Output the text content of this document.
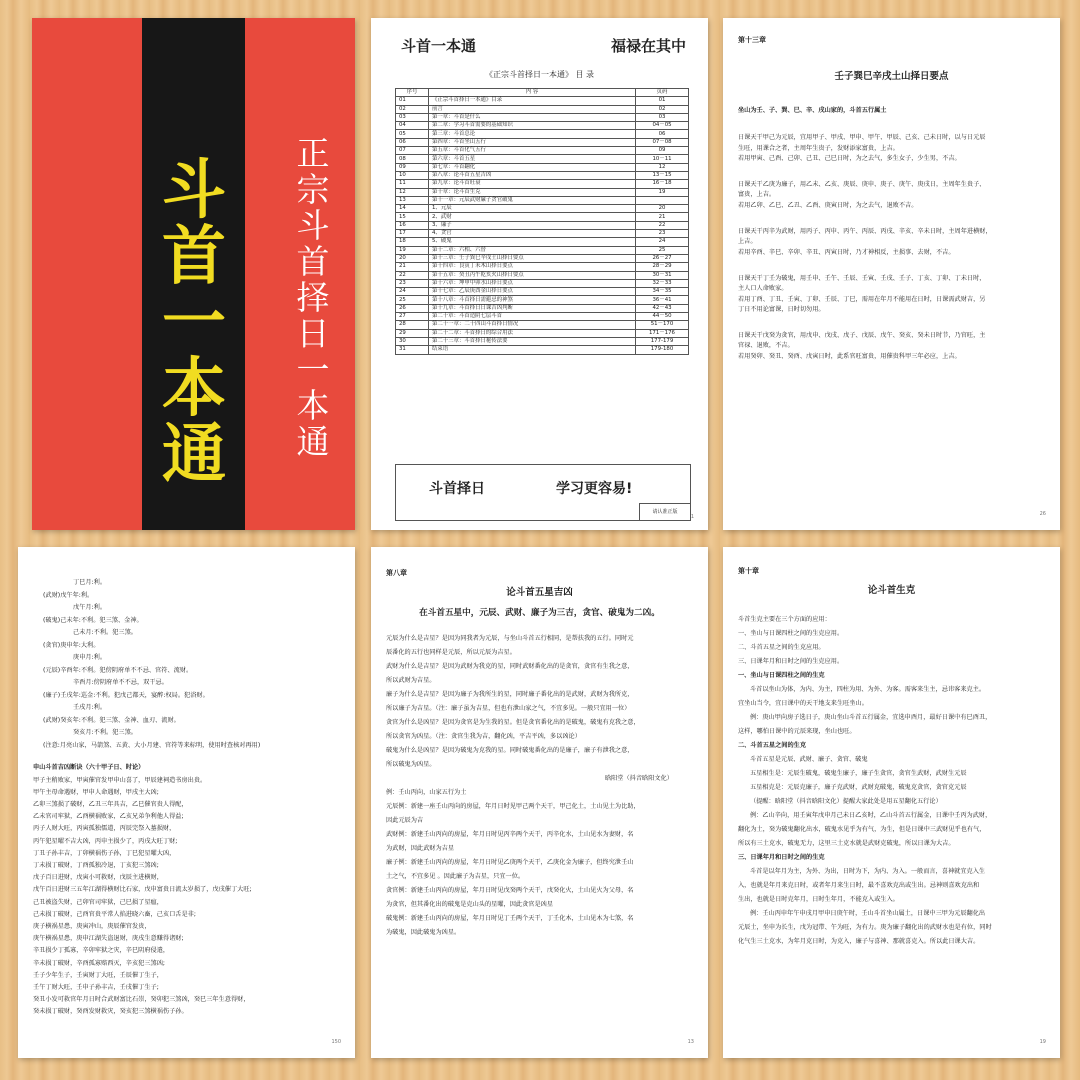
斗首一本通
正宗斗首择日一本通
斗首一本通	福禄在其中
《正宗斗首择日一本通》 目 录
序号	内 容	页码
01	《正宗斗首择日一本通》目录	01
02	前言	02
03	第一章：斗首是什么	03
04	第二章：学习斗首需要的基础知识	04－05
05	第三章：斗首总论	06
06	第四章：斗首坐山五行	07－08
07	第五章：斗首化气五行	09
08	第六章：斗首五星	10－11
09	第七章：斗首翻化	12
10	第八章：论斗首五星吉凶	13－15
11	第九章：论斗首旺衰	16－18
12	第十章：论斗首生克	19
13	第十一章：元辰武财廉子贪官破鬼	
14	1、元辰	20
15	2、武财	21
16	3、廉子	22
17	4、贪官	23
18	5、破鬼	24
19	第十二章：六相、六替	25
20	第十三章：壬子巽巳辛戌土山择日要点	26－27
21	第十四章：艮寅丁未木山择日要点	28－29
22	第十五章：癸丑丙午乾亥火山择日要点	30－31
23	第十六章：坤申甲卯水山择日要点	32－33
24	第十七章：乙辰庚酉金山择日要点	34－35
25	第十八章：斗首择日需避忌的神煞	36－41
26	第十九章：斗首择日日课吉凶判断	42－43
27	第二十章：斗首造阴七层斗首	44－50
28	第二十一章：二十四山斗首择日情况	51－170
29	第二十二章：斗首择日的综合用法	171－176
30	第二十三章：斗首择日秘传法要	177-179
31	结束语	179-180
斗首择日	学习更容易!
请认准正版
1
第十三章
壬子巽巳辛戌土山择日要点

坐山为壬、子、巽、巳、辛、戌山家的，斗首五行属土

日课天干甲己为元辰，宜用甲子、甲戌、甲申、甲午、甲辰、己亥、己未日时，以与日元辰

生旺，用课合之者，主周年生贵子，发财添家富贵，上吉。

若用甲寅、己酉、己卯、己丑、己巳日时，为之去气，多生女子，少生男，不吉。

日课天干乙庚为廉子，用乙未、乙亥、庚辰、庚申、庚子、庚午、庚戌日，主周年生贵子、

富贵，上吉。

若用乙卯、乙巳、乙丑、乙酉、庚寅日时，为之去气，退败不吉。

日课天干丙辛为武财，用丙子、丙申、丙午、丙辰、丙戌、辛亥、辛未日时，主周年进横财，

上吉。

若用辛酉、辛巳、辛卯、辛丑、丙寅日时，乃才神相反，主损事、去财，不吉。

日课天干丁壬为破鬼，用壬申、壬午、壬辰、壬寅、壬戌、壬子、丁亥、丁卯、丁未日时，

主人口人命败家。

若用丁酉、丁丑、壬寅、丁卯、壬辰、丁巳，需用在年月不能用在日时，日课需武财吉，另

丁日不用论富课，日时切勿用。

日课天干戊癸为贪官，用戊申、戊戌、戊子、戊辰、戊午、癸亥、癸未日时节，乃官旺，主

官禄、退败，不吉。

若用癸卯、癸丑、癸酉、戊寅日时，此系官旺富贵，用催贵科甲三年必应，上吉。

26

丁巳月:利。

(武财)戊午年:利。

戊午月:利。

(破鬼)己未年:不利。犯三煞、金神。

己未月:不利。犯三煞。

(贪官)庚申年:大利。

庚申月:利。

(元辰)辛酉年:不利。犯傍阴府单不不忌、官符、流财。

辛酉月:傍阴府单不不忌，双干忌。

(廉子)壬戌年:巡金:不利。犯戊己都天，宴醉:权局。犯浴财。

壬戌月:利。

(武财)癸亥年:不利。犯三煞、金神、血刃、流财。

癸亥月:不利。犯三煞。

(注意:月亮山家，马箭煞、五黄、大小月建、官符等来标明，使用时查核对再用)

申山斗首吉凶断诀（六十甲子日、时论）

甲子主稍败家，甲寅催官发甲申山喜了，甲辰建祠造书房出贵。

甲午主母命遇财，甲申人命遇财，甲戌主大凶;

乙卯三煞损了破财，乙丑三年具吉，乙巳催官贵人得配，

乙未官司牢狱，乙酉横祸败家，乙亥兄弟争利他人得益;

丙子人财大旺，丙寅孤独儒道，丙辰完祭入墓损财，

丙午犯星曜不吉大凶，丙申主损少了，丙戌大旺丁财;

丁丑子孙丰吉，丁卯横祸伤子孙，丁巳犯星曜大凶，

丁未损丁破财，丁酉孤独冷退，丁亥犯三煞凶;

戊子百日进财，戊寅小可救财，戊辰主进横财，

戊午百日进财三五年江湖得横财比石家，戊申富贵日流太岁损了，戊戌催丁大旺;

己丑被盗失财，己卯官司牢狱，己巳损了星瘟，

己未损丁破财，己酉官贵平常人掐进晓六畜，己亥口舌是非;

庚子横祸星患，庚寅冲山，庚辰催官发贵，

庚午横祸星患，庚申江湖失盗退财，庚戌生意赚得诸财;

辛丑损少丁孤寡，辛卯牢狱之灾，辛巳阴府侵遣，

辛未损丁破财，辛酉孤寡赔西灭，辛亥犯三煞凶;

壬子少年生子，壬寅财丁大旺，壬辰催丁生子，

壬午丁财大旺，壬申子孙丰吉，壬戌催丁生子;

癸丑小发可救官年月日时合武财富比石崇，癸卯犯三煞凶，癸巳三年生意得财，

癸未损丁破财，癸酉发财救灾，癸亥犯三煞横祸伤子孙。

150
第八章
论斗首五星吉凶
在斗首五星中，元辰、武财、廉子为三吉，贪官、破鬼为二凶。

元辰为什么是吉星？是因为同我者为元辰，与坐山斗首五行相同，是帮扶我的五行。同时元

辰番化的五行也同样是元辰，所以元辰为吉星。

武财为什么是吉星？是因为武财为我克的星，同时武财番化出的是贪官，贪官有生我之意，

所以武财为吉星。

廉子为什么是吉星？是因为廉子为我所生的星，同时廉子番化出的是武财，武财为我所克，

所以廉子为吉星。（注：廉子虽为吉星，但也有泄山家之气，不宜多见。一般只宜用一位）

贪官为什么是凶星？是因为贪官是为生我的星。但是贪官番化出的是破鬼，破鬼有克我之意，

所以贪官为凶星。（注：贪官生我为吉，翻化凶，平吉平凶，多以凶论）

破鬼为什么是凶星？是因为破鬼为克我的星。同时破鬼番化出的是廉子，廉子有泄我之意，

所以破鬼为凶星。

晗阳堂（抖音晗阳文化）

例：壬山丙向，山家五行为土

元辰例：新建一座壬山丙向的房屋，年月日时见甲己两个天干，甲己化土，土山见土为比助，

因此元辰为吉

武财例：新建壬山丙向的房屋，年月日时见丙辛两个天干，丙辛化水，土山见水为妻财，名

为武财，因此武财为吉星

廉子例：新建壬山丙向的房屋，年月日时见乙庚两个天干，乙庚化金为廉子，但终究泄壬山

土之气，不宜多见 。因此廉子为吉星，只宜一位。

贪官例：新建壬山丙向的房屋，年月日时见戊癸两个天干，戊癸化火，土山见火为父母，名

为贪官，但其番化出的破鬼是克山头的星曜，因此贪官是凶星

破鬼例：新建壬山丙向的房屋，年月日时见丁壬两个天干，丁壬化木，土山见木为七煞，名

为破鬼，因此破鬼为凶星。

13
第十章
论斗首生克

斗首生克主要在三个方面的应用：

一、坐山与日课四柱之间的生克应用。

二、斗首五星之间的生克应用。

三、日课年月和日时之间的生克应用。

一、坐山与日课四柱之间的生克

斗首以坐山为体，为内、为主，四柱为用、为外、为客。需客来生主，忌讳客来克主。

宜坐山当令，宜日课中的天干地支来生旺坐山。

例：庚山甲向房子选日子，庚山坐山斗首五行属金，宜选申酉月，最好日课中有巳酉丑，

这样，哪怕日课中的元辰来现，坐山也旺。

二、斗首五星之间的生克

斗首五星是元辰、武财、廉子、贪官、破鬼

五星相生是：元辰生破鬼，破鬼生廉子，廉子生贪官，贪官生武财，武财生元辰

五星相克是：元辰克廉子，廉子克武财，武财克破鬼，破鬼克贪官，贪官克元辰

（提醒：晗阳堂（抖音晗阳文化）提醒大家此处是用五星翻化五行论）

例：乙山辛向，用壬寅年戊申月己未日乙亥时，乙山斗首五行属金，日课中壬丙为武财，

翻化为土，癸为破鬼翻化出水，破鬼水见乎为有气，为生，但是日课中三武财见乎也有气，

所以有三土克水，破鬼无力，这里三土克水就是武财克破鬼，所以日课为大吉。

三、日课年月和日时之间的生克

斗首是以年月为主，为外、为出，日时为下，为内、为入。一般而言，喜神就宜克入生

入，也就是年月来克日时，或者年月来生日时，最不喜欢克出或生出。忌神则喜欢克出和

生出，也就是日时克年月，日时生年月，不能克入或生入。

例：壬山丙申年午申戌月甲申日庚午时，壬山斗首坐山属土，日课中三甲为元辰翻化出

元辰土，坐申为长生，戊为冠带、午为旺，为有力。庚为廉子翻化出的武财水也是有位，同时

化气生三土克水，为年月克日时，为克入，廉子与喜神、那就喜克入。所以此日课大吉。

19
